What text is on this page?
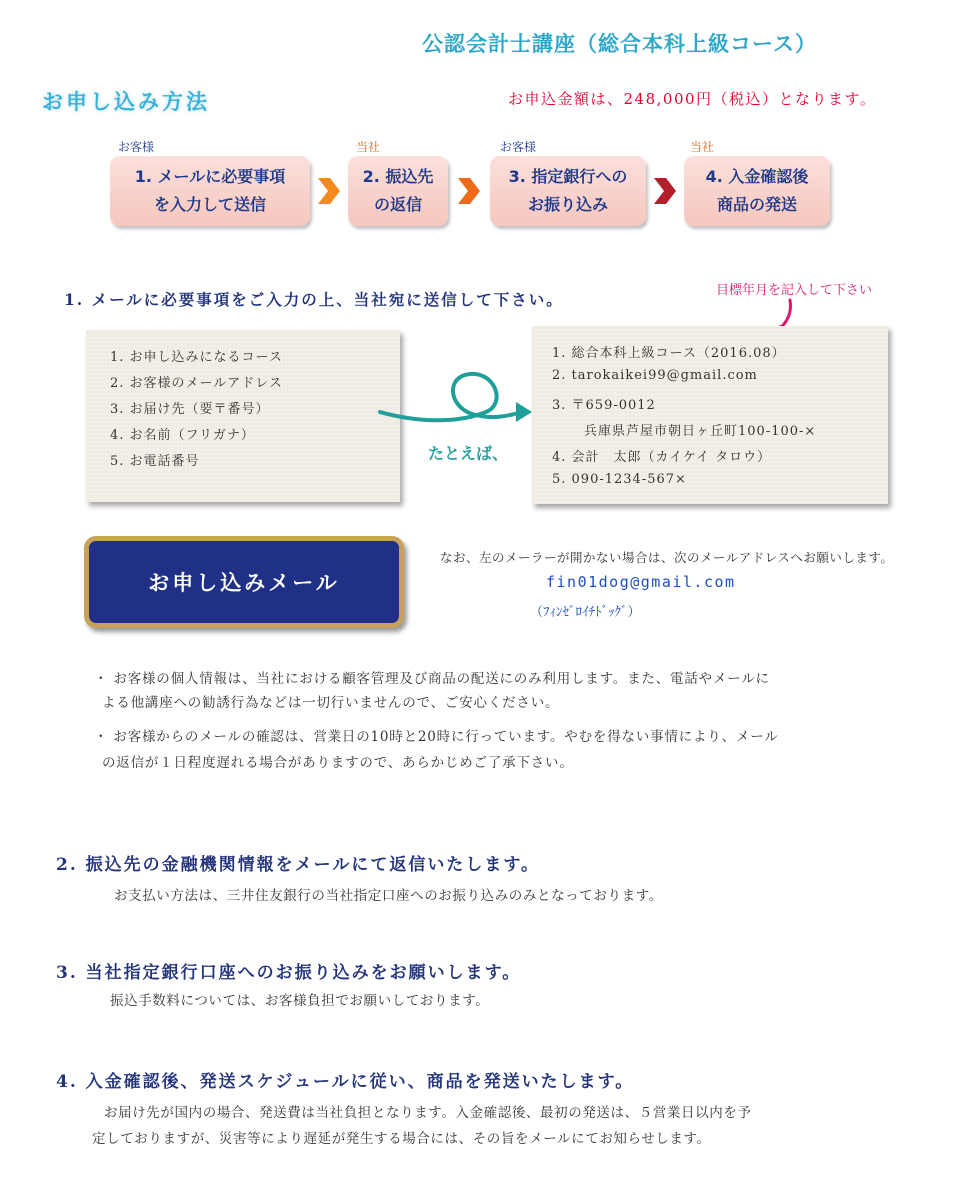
公認会計士講座（総合本科上級コース）
お申し込み方法	お申込金額は、248,000円（税込）となります。
お客様
1. メールに必要事項
を入力して送信
当社
2. 振込先
の返信
お客様
3. 指定銀行への
お振り込み
当社
4. 入金確認後
商品の発送
1. メールに必要事項をご入力の上、当社宛に送信して下さい。	目標年月を記入して下さい
1. お申し込みになるコース
2. お客様のメールアドレス
3. お届け先（要〒番号）
4. お名前（フリガナ）
5. お電話番号	たとえば、
1. 総合本科上級コース（2016.08）
2. tarokaikei99@gmail.com
3. 〒659-0012
兵庫県芦屋市朝日ヶ丘町100-100-×
4. 会計　太郎（カイケイ タロウ）
5. 090-1234-567×
お申し込みメール
なお、左のメーラーが開かない場合は、次のメールアドレスへお願いします。
fin01dog@gmail.com
（ﾌｨﾝｾﾞﾛｲﾁﾄﾞｯｸﾞ）
・ お客様の個人情報は、当社における顧客管理及び商品の配送にのみ利用します。また、電話やメールに
よる他講座への勧誘行為などは一切行いませんので、ご安心ください。
・ お客様からのメールの確認は、営業日の10時と20時に行っています。やむを得ない事情により、メール
の返信が１日程度遅れる場合がありますので、あらかじめご了承下さい。
2. 振込先の金融機関情報をメールにて返信いたします。
お支払い方法は、三井住友銀行の当社指定口座へのお振り込みのみとなっております。
3. 当社指定銀行口座へのお振り込みをお願いします。
振込手数料については、お客様負担でお願いしております。
4. 入金確認後、発送スケジュールに従い、商品を発送いたします。
お届け先が国内の場合、発送費は当社負担となります。入金確認後、最初の発送は、５営業日以内を予
定しておりますが、災害等により遅延が発生する場合には、その旨をメールにてお知らせします。
